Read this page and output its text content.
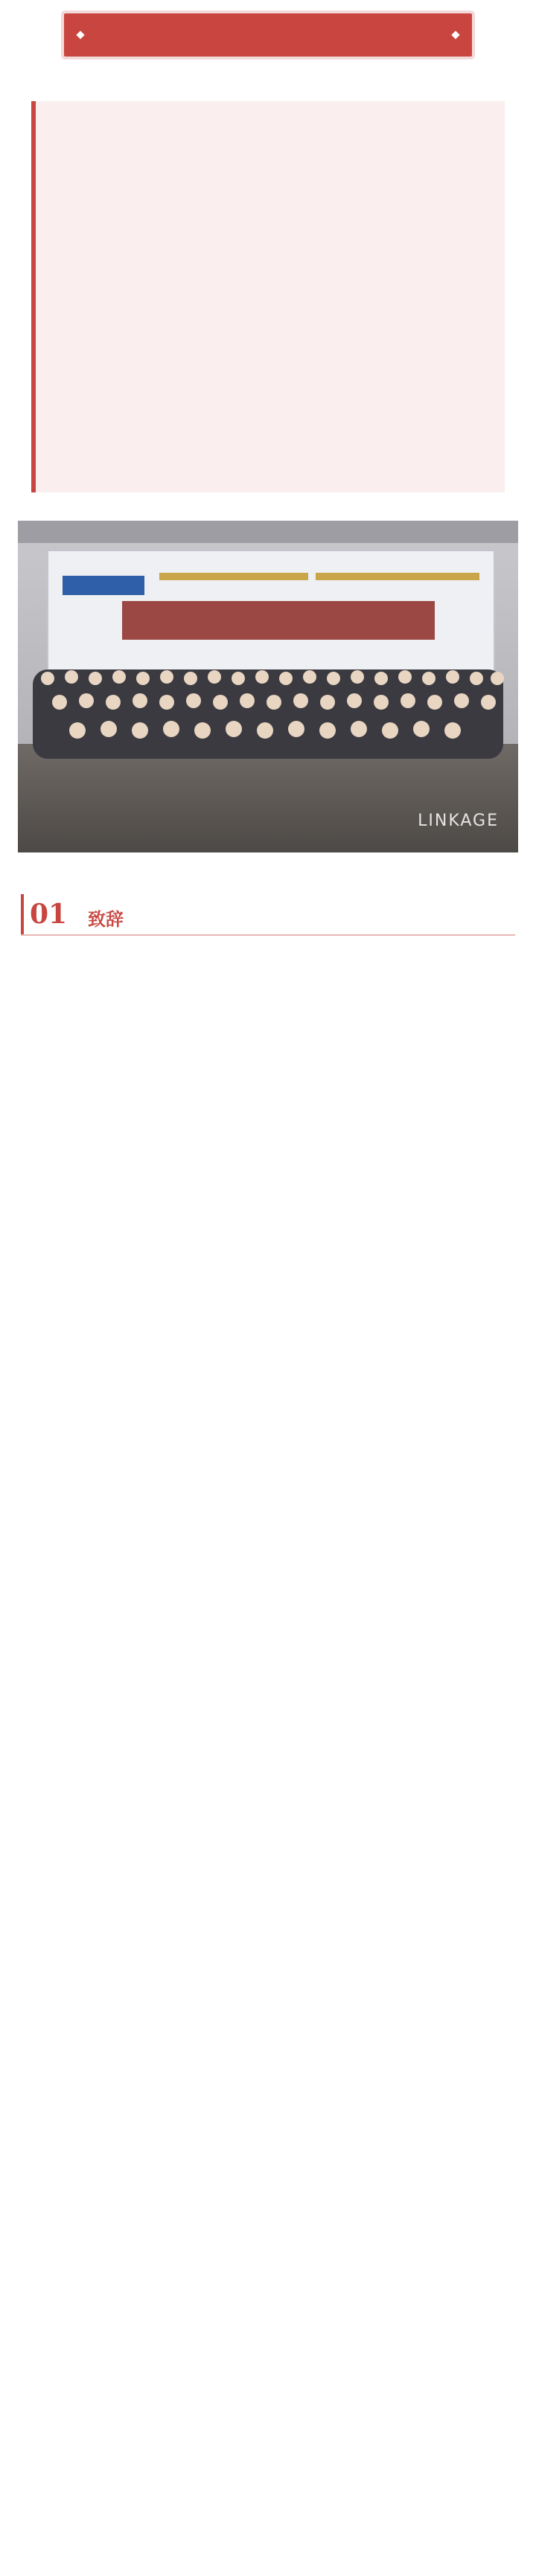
LINKAGE
01 致辞
